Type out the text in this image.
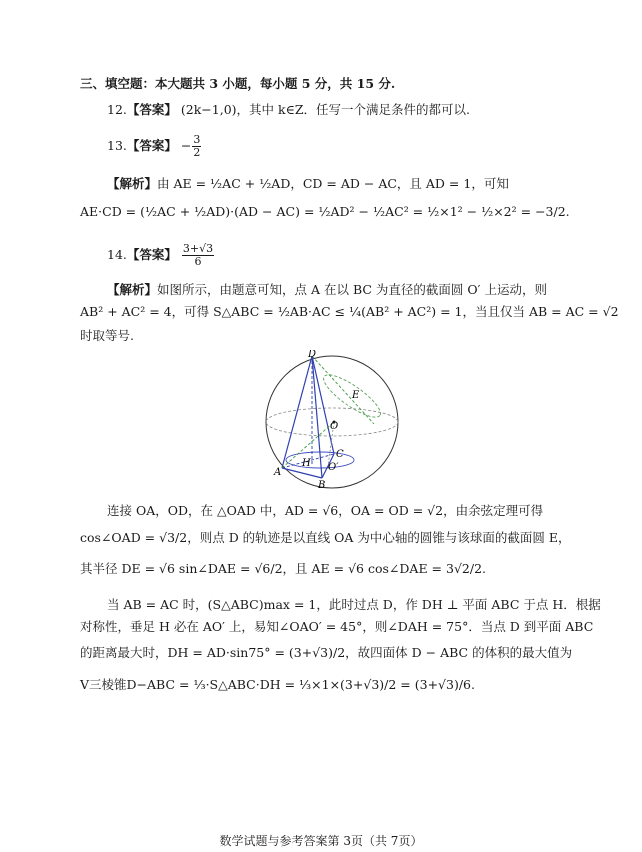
三、填空题：本大题共 3 小题，每小题 5 分，共 15 分.
12.【答案】 (2k−1,0)，其中 k∈Z．任写一个满足条件的都可以.
13.【答案】 − $\frac{3}{2}$
【解析】由 AE = ½AC + ½AD，CD = AD − AC，且 AD = 1，可知
AE·CD = (½AC + ½AD)·(AD − AC) = ½AD² − ½AC² = ½×1² − ½×2² = −3/2.
14.【答案】 $\frac{3+√3}{6}$
【解析】如图所示，由题意可知，点 A 在以 BC 为直径的截面圆 O′ 上运动，则
AB² + AC² = 4，可得 S△ABC = ½AB·AC ≤ ¼(AB² + AC²) = 1，当且仅当 AB = AC = √2
时取等号.
D
E
O
C
H O′
A
B
连接 OA，OD，在 △OAD 中，AD = √6，OA = OD = √2，由余弦定理可得
cos∠OAD = √3/2，则点 D 的轨迹是以直线 OA 为中心轴的圆锥与该球面的截面圆 E，
其半径 DE = √6 sin∠DAE = √6/2，且 AE = √6 cos∠DAE = 3√2/2.
当 AB = AC 时，(S△ABC)max = 1，此时过点 D，作 DH ⊥ 平面 ABC 于点 H．根据
对称性，垂足 H 必在 AO′ 上，易知∠OAO′ = 45°，则∠DAH = 75°．当点 D 到平面 ABC
的距离最大时，DH = AD·sin75° = (3+√3)/2，故四面体 D − ABC 的体积的最大值为
V三棱锥D−ABC = ⅓·S△ABC·DH = ⅓×1×(3+√3)/2 = (3+√3)/6.
数学试题与参考答案第 3页（共 7页）
